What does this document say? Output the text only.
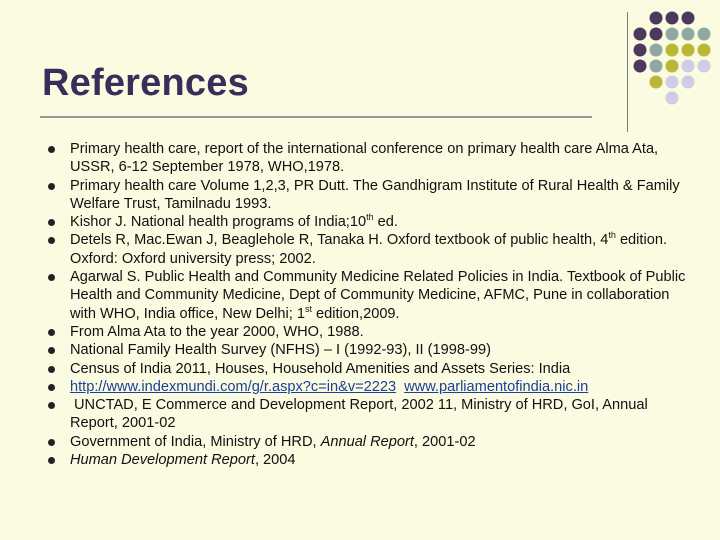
References
Primary health care, report of the international conference on primary health care Alma Ata, USSR, 6-12 September 1978, WHO,1978.
Primary health care Volume 1,2,3, PR Dutt. The Gandhigram Institute of Rural Health & Family Welfare Trust, Tamilnadu 1993.
Kishor J. National health programs of India;10th ed.
Detels R, Mac.Ewan J, Beaglehole R, Tanaka H. Oxford textbook of public health, 4th edition. Oxford: Oxford university press; 2002.
Agarwal S. Public Health and Community Medicine Related Policies in India. Textbook of Public Health and Community Medicine, Dept of Community Medicine, AFMC, Pune in collaboration with WHO, India office, New Delhi; 1st edition,2009.
From Alma Ata to the year 2000, WHO, 1988.
National Family Health Survey (NFHS) – I (1992-93), II (1998-99)
Census of India 2011, Houses, Household Amenities and Assets Series: India
http://www.indexmundi.com/g/r.aspx?c=in&v=2223 www.parliamentofindia.nic.in
UNCTAD, E Commerce and Development Report, 2002 11, Ministry of HRD, GoI, Annual Report, 2001-02
Government of India, Ministry of HRD, Annual Report, 2001-02
Human Development Report, 2004
